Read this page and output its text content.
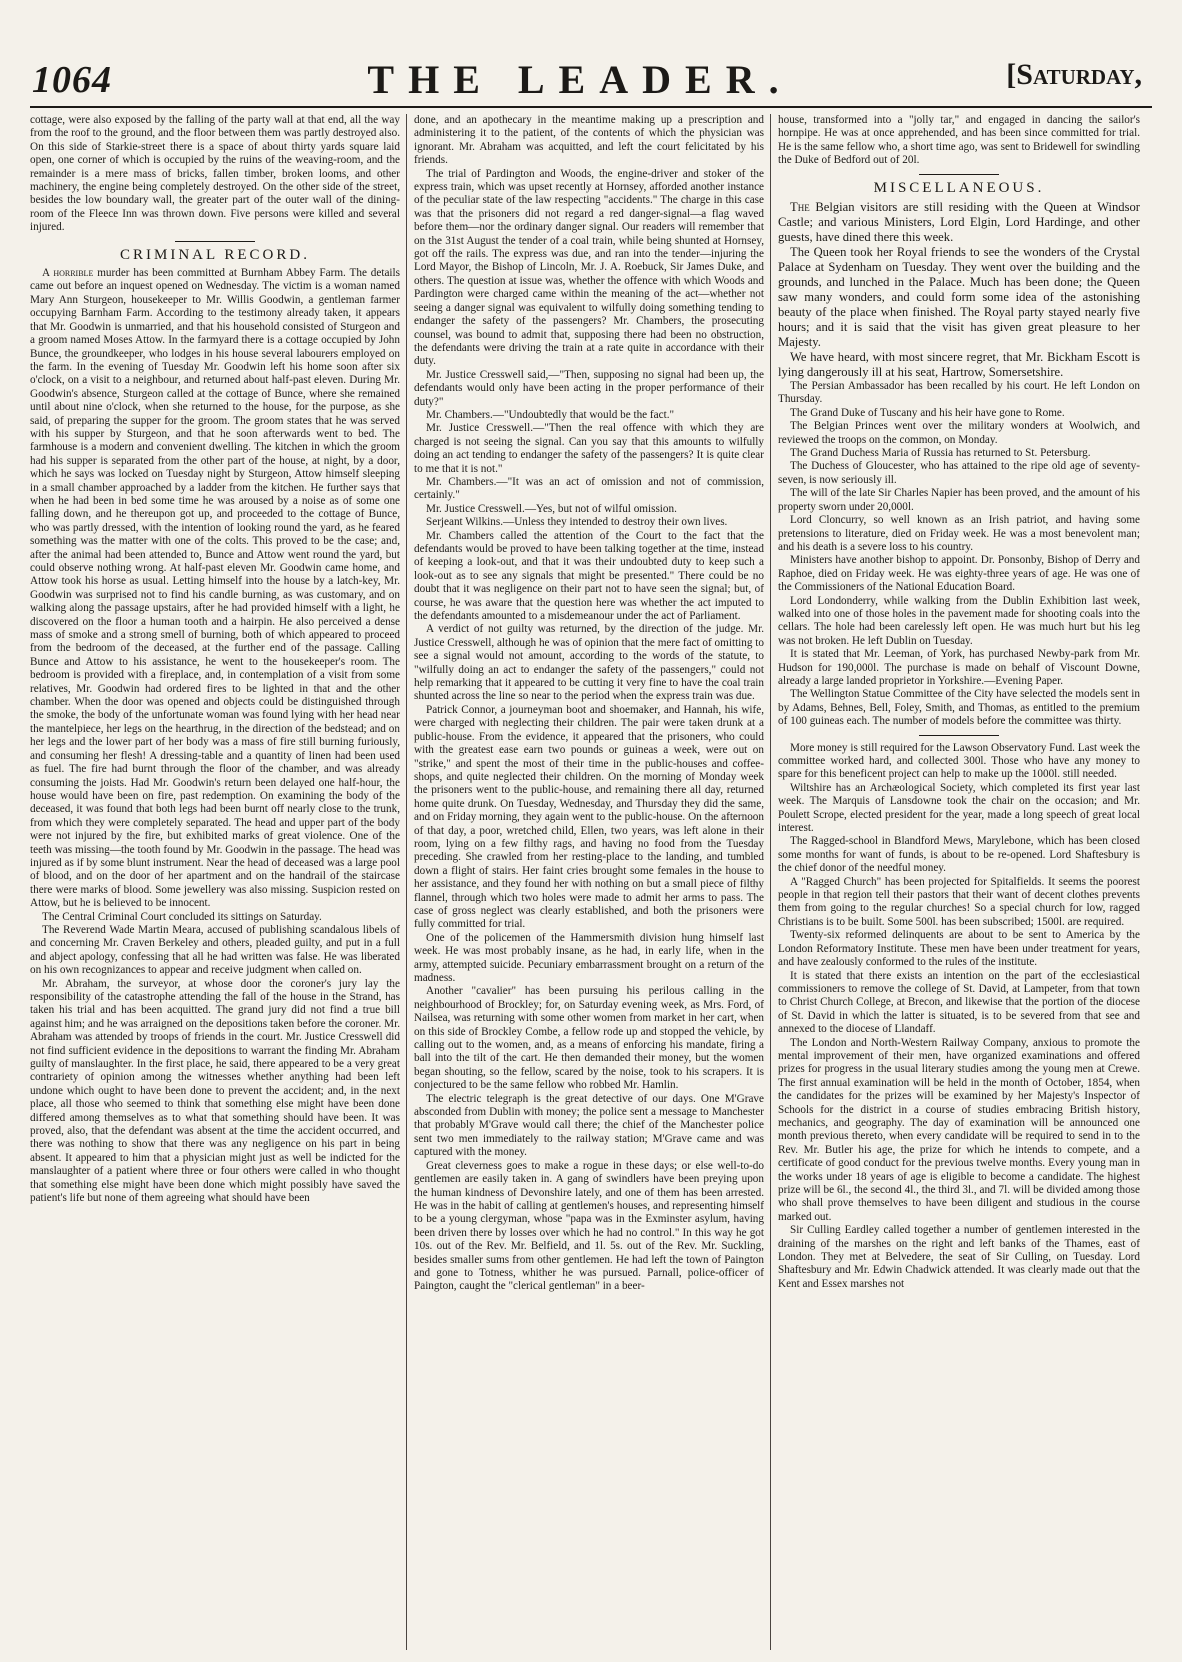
1064	THE LEADER.	[Saturday,

cottage, were also exposed by the falling of the party wall at that end, all the way from the roof to the ground, and the floor between them was partly destroyed also. On this side of Starkie-street there is a space of about thirty yards square laid open, one corner of which is occupied by the ruins of the weaving-room, and the remainder is a mere mass of bricks, fallen timber, broken looms, and other machinery, the engine being completely destroyed. On the other side of the street, besides the low boundary wall, the greater part of the outer wall of the dining-room of the Fleece Inn was thrown down. Five persons were killed and several injured.

CRIMINAL RECORD.

A horrible murder has been committed at Burnham Abbey Farm. The details came out before an inquest opened on Wednesday. The victim is a woman named Mary Ann Sturgeon, housekeeper to Mr. Willis Goodwin, a gentleman farmer occupying Barnham Farm. According to the testimony already taken, it appears that Mr. Goodwin is unmarried, and that his household consisted of Sturgeon and a groom named Moses Attow. In the farmyard there is a cottage occupied by John Bunce, the groundkeeper, who lodges in his house several labourers employed on the farm. In the evening of Tuesday Mr. Goodwin left his home soon after six o'clock, on a visit to a neighbour, and returned about half-past eleven. During Mr. Goodwin's absence, Sturgeon called at the cottage of Bunce, where she remained until about nine o'clock, when she returned to the house, for the purpose, as she said, of preparing the supper for the groom. The groom states that he was served with his supper by Sturgeon, and that he soon afterwards went to bed. The farmhouse is a modern and convenient dwelling. The kitchen in which the groom had his supper is separated from the other part of the house, at night, by a door, which he says was locked on Tuesday night by Sturgeon, Attow himself sleeping in a small chamber approached by a ladder from the kitchen. He further says that when he had been in bed some time he was aroused by a noise as of some one falling down, and he thereupon got up, and proceeded to the cottage of Bunce, who was partly dressed, with the intention of looking round the yard, as he feared something was the matter with one of the colts. This proved to be the case; and, after the animal had been attended to, Bunce and Attow went round the yard, but could observe nothing wrong. At half-past eleven Mr. Goodwin came home, and Attow took his horse as usual. Letting himself into the house by a latch-key, Mr. Goodwin was surprised not to find his candle burning, as was customary, and on walking along the passage upstairs, after he had provided himself with a light, he discovered on the floor a human tooth and a hairpin. He also perceived a dense mass of smoke and a strong smell of burning, both of which appeared to proceed from the bedroom of the deceased, at the further end of the passage. Calling Bunce and Attow to his assistance, he went to the housekeeper's room. The bedroom is provided with a fireplace, and, in contemplation of a visit from some relatives, Mr. Goodwin had ordered fires to be lighted in that and the other chamber. When the door was opened and objects could be distinguished through the smoke, the body of the unfortunate woman was found lying with her head near the mantelpiece, her legs on the hearthrug, in the direction of the bedstead; and on her legs and the lower part of her body was a mass of fire still burning furiously, and consuming her flesh! A dressing-table and a quantity of linen had been used as fuel. The fire had burnt through the floor of the chamber, and was already consuming the joists. Had Mr. Goodwin's return been delayed one half-hour, the house would have been on fire, past redemption. On examining the body of the deceased, it was found that both legs had been burnt off nearly close to the trunk, from which they were completely separated. The head and upper part of the body were not injured by the fire, but exhibited marks of great violence. One of the teeth was missing—the tooth found by Mr. Goodwin in the passage. The head was injured as if by some blunt instrument. Near the head of deceased was a large pool of blood, and on the door of her apartment and on the handrail of the staircase there were marks of blood. Some jewellery was also missing. Suspicion rested on Attow, but he is believed to be innocent.

The Central Criminal Court concluded its sittings on Saturday.

The Reverend Wade Martin Meara, accused of publishing scandalous libels of and concerning Mr. Craven Berkeley and others, pleaded guilty, and put in a full and abject apology, confessing that all he had written was false. He was liberated on his own recognizances to appear and receive judgment when called on.

Mr. Abraham, the surveyor, at whose door the coroner's jury lay the responsibility of the catastrophe attending the fall of the house in the Strand, has taken his trial and has been acquitted. The grand jury did not find a true bill against him; and he was arraigned on the depositions taken before the coroner. Mr. Abraham was attended by troops of friends in the court. Mr. Justice Cresswell did not find sufficient evidence in the depositions to warrant the finding Mr. Abraham guilty of manslaughter. In the first place, he said, there appeared to be a very great contrariety of opinion among the witnesses whether anything had been left undone which ought to have been done to prevent the accident; and, in the next place, all those who seemed to think that something else might have been done differed among themselves as to what that something should have been. It was proved, also, that the defendant was absent at the time the accident occurred, and there was nothing to show that there was any negligence on his part in being absent. It appeared to him that a physician might just as well be indicted for the manslaughter of a patient where three or four others were called in who thought that something else might have been done which might possibly have saved the patient's life but none of them agreeing what should have been

done, and an apothecary in the meantime making up a prescription and administering it to the patient, of the contents of which the physician was ignorant. Mr. Abraham was acquitted, and left the court felicitated by his friends.

The trial of Pardington and Woods, the engine-driver and stoker of the express train, which was upset recently at Hornsey, afforded another instance of the peculiar state of the law respecting "accidents." The charge in this case was that the prisoners did not regard a red danger-signal—a flag waved before them—nor the ordinary danger signal. Our readers will remember that on the 31st August the tender of a coal train, while being shunted at Hornsey, got off the rails. The express was due, and ran into the tender—injuring the Lord Mayor, the Bishop of Lincoln, Mr. J. A. Roebuck, Sir James Duke, and others. The question at issue was, whether the offence with which Woods and Pardington were charged came within the meaning of the act—whether not seeing a danger signal was equivalent to wilfully doing something tending to endanger the safety of the passengers? Mr. Chambers, the prosecuting counsel, was bound to admit that, supposing there had been no obstruction, the defendants were driving the train at a rate quite in accordance with their duty.

Mr. Justice Cresswell said,—"Then, supposing no signal had been up, the defendants would only have been acting in the proper performance of their duty?"

Mr. Chambers.—"Undoubtedly that would be the fact."

Mr. Justice Cresswell.—"Then the real offence with which they are charged is not seeing the signal. Can you say that this amounts to wilfully doing an act tending to endanger the safety of the passengers? It is quite clear to me that it is not."

Mr. Chambers.—"It was an act of omission and not of commission, certainly."

Mr. Justice Cresswell.—Yes, but not of wilful omission.

Serjeant Wilkins.—Unless they intended to destroy their own lives.

Mr. Chambers called the attention of the Court to the fact that the defendants would be proved to have been talking together at the time, instead of keeping a look-out, and that it was their undoubted duty to keep such a look-out as to see any signals that might be presented." There could be no doubt that it was negligence on their part not to have seen the signal; but, of course, he was aware that the question here was whether the act imputed to the defendants amounted to a misdemeanour under the act of Parliament.

A verdict of not guilty was returned, by the direction of the judge. Mr. Justice Cresswell, although he was of opinion that the mere fact of omitting to see a signal would not amount, according to the words of the statute, to "wilfully doing an act to endanger the safety of the passengers," could not help remarking that it appeared to be cutting it very fine to have the coal train shunted across the line so near to the period when the express train was due.

Patrick Connor, a journeyman boot and shoemaker, and Hannah, his wife, were charged with neglecting their children. The pair were taken drunk at a public-house. From the evidence, it appeared that the prisoners, who could with the greatest ease earn two pounds or guineas a week, were out on "strike," and spent the most of their time in the public-houses and coffee-shops, and quite neglected their children. On the morning of Monday week the prisoners went to the public-house, and remaining there all day, returned home quite drunk. On Tuesday, Wednesday, and Thursday they did the same, and on Friday morning, they again went to the public-house. On the afternoon of that day, a poor, wretched child, Ellen, two years, was left alone in their room, lying on a few filthy rags, and having no food from the Tuesday preceding. She crawled from her resting-place to the landing, and tumbled down a flight of stairs. Her faint cries brought some females in the house to her assistance, and they found her with nothing on but a small piece of filthy flannel, through which two holes were made to admit her arms to pass. The case of gross neglect was clearly established, and both the prisoners were fully committed for trial.

One of the policemen of the Hammersmith division hung himself last week. He was most probably insane, as he had, in early life, when in the army, attempted suicide. Pecuniary embarrassment brought on a return of the madness.

Another "cavalier" has been pursuing his perilous calling in the neighbourhood of Brockley; for, on Saturday evening week, as Mrs. Ford, of Nailsea, was returning with some other women from market in her cart, when on this side of Brockley Combe, a fellow rode up and stopped the vehicle, by calling out to the women, and, as a means of enforcing his mandate, firing a ball into the tilt of the cart. He then demanded their money, but the women began shouting, so the fellow, scared by the noise, took to his scrapers. It is conjectured to be the same fellow who robbed Mr. Hamlin.

The electric telegraph is the great detective of our days. One M'Grave absconded from Dublin with money; the police sent a message to Manchester that probably M'Grave would call there; the chief of the Manchester police sent two men immediately to the railway station; M'Grave came and was captured with the money.

Great cleverness goes to make a rogue in these days; or else well-to-do gentlemen are easily taken in. A gang of swindlers have been preying upon the human kindness of Devonshire lately, and one of them has been arrested. He was in the habit of calling at gentlemen's houses, and representing himself to be a young clergyman, whose "papa was in the Exminster asylum, having been driven there by losses over which he had no control." In this way he got 10s. out of the Rev. Mr. Belfield, and 1l. 5s. out of the Rev. Mr. Suckling, besides smaller sums from other gentlemen. He had left the town of Paington and gone to Totness, whither he was pursued. Parnall, police-officer of Paington, caught the "clerical gentleman" in a beer-

house, transformed into a "jolly tar," and engaged in dancing the sailor's hornpipe. He was at once apprehended, and has been since committed for trial. He is the same fellow who, a short time ago, was sent to Bridewell for swindling the Duke of Bedford out of 20l.

MISCELLANEOUS.

The Belgian visitors are still residing with the Queen at Windsor Castle; and various Ministers, Lord Elgin, Lord Hardinge, and other guests, have dined there this week.

The Queen took her Royal friends to see the wonders of the Crystal Palace at Sydenham on Tuesday. They went over the building and the grounds, and lunched in the Palace. Much has been done; the Queen saw many wonders, and could form some idea of the astonishing beauty of the place when finished. The Royal party stayed nearly five hours; and it is said that the visit has given great pleasure to her Majesty.

We have heard, with most sincere regret, that Mr. Bickham Escott is lying dangerously ill at his seat, Hartrow, Somersetshire.

The Persian Ambassador has been recalled by his court. He left London on Thursday.

The Grand Duke of Tuscany and his heir have gone to Rome.

The Belgian Princes went over the military wonders at Woolwich, and reviewed the troops on the common, on Monday.

The Grand Duchess Maria of Russia has returned to St. Petersburg.

The Duchess of Gloucester, who has attained to the ripe old age of seventy-seven, is now seriously ill.

The will of the late Sir Charles Napier has been proved, and the amount of his property sworn under 20,000l.

Lord Cloncurry, so well known as an Irish patriot, and having some pretensions to literature, died on Friday week. He was a most benevolent man; and his death is a severe loss to his country.

Ministers have another bishop to appoint. Dr. Ponsonby, Bishop of Derry and Raphoe, died on Friday week. He was eighty-three years of age. He was one of the Commissioners of the National Education Board.

Lord Londonderry, while walking from the Dublin Exhibition last week, walked into one of those holes in the pavement made for shooting coals into the cellars. The hole had been carelessly left open. He was much hurt but his leg was not broken. He left Dublin on Tuesday.

It is stated that Mr. Leeman, of York, has purchased Newby-park from Mr. Hudson for 190,000l. The purchase is made on behalf of Viscount Downe, already a large landed proprietor in Yorkshire.—Evening Paper.

The Wellington Statue Committee of the City have selected the models sent in by Adams, Behnes, Bell, Foley, Smith, and Thomas, as entitled to the premium of 100 guineas each. The number of models before the committee was thirty.

More money is still required for the Lawson Observatory Fund. Last week the committee worked hard, and collected 300l. Those who have any money to spare for this beneficent project can help to make up the 1000l. still needed.

Wiltshire has an Archæological Society, which completed its first year last week. The Marquis of Lansdowne took the chair on the occasion; and Mr. Poulett Scrope, elected president for the year, made a long speech of great local interest.

The Ragged-school in Blandford Mews, Marylebone, which has been closed some months for want of funds, is about to be re-opened. Lord Shaftesbury is the chief donor of the needful money.

A "Ragged Church" has been projected for Spitalfields. It seems the poorest people in that region tell their pastors that their want of decent clothes prevents them from going to the regular churches! So a special church for low, ragged Christians is to be built. Some 500l. has been subscribed; 1500l. are required.

Twenty-six reformed delinquents are about to be sent to America by the London Reformatory Institute. These men have been under treatment for years, and have zealously conformed to the rules of the institute.

It is stated that there exists an intention on the part of the ecclesiastical commissioners to remove the college of St. David, at Lampeter, from that town to Christ Church College, at Brecon, and likewise that the portion of the diocese of St. David in which the latter is situated, is to be severed from that see and annexed to the diocese of Llandaff.

The London and North-Western Railway Company, anxious to promote the mental improvement of their men, have organized examinations and offered prizes for progress in the usual literary studies among the young men at Crewe. The first annual examination will be held in the month of October, 1854, when the candidates for the prizes will be examined by her Majesty's Inspector of Schools for the district in a course of studies embracing British history, mechanics, and geography. The day of examination will be announced one month previous thereto, when every candidate will be required to send in to the Rev. Mr. Butler his age, the prize for which he intends to compete, and a certificate of good conduct for the previous twelve months. Every young man in the works under 18 years of age is eligible to become a candidate. The highest prize will be 6l., the second 4l., the third 3l., and 7l. will be divided among those who shall prove themselves to have been diligent and studious in the course marked out.

Sir Culling Eardley called together a number of gentlemen interested in the draining of the marshes on the right and left banks of the Thames, east of London. They met at Belvedere, the seat of Sir Culling, on Tuesday. Lord Shaftesbury and Mr. Edwin Chadwick attended. It was clearly made out that the Kent and Essex marshes not
